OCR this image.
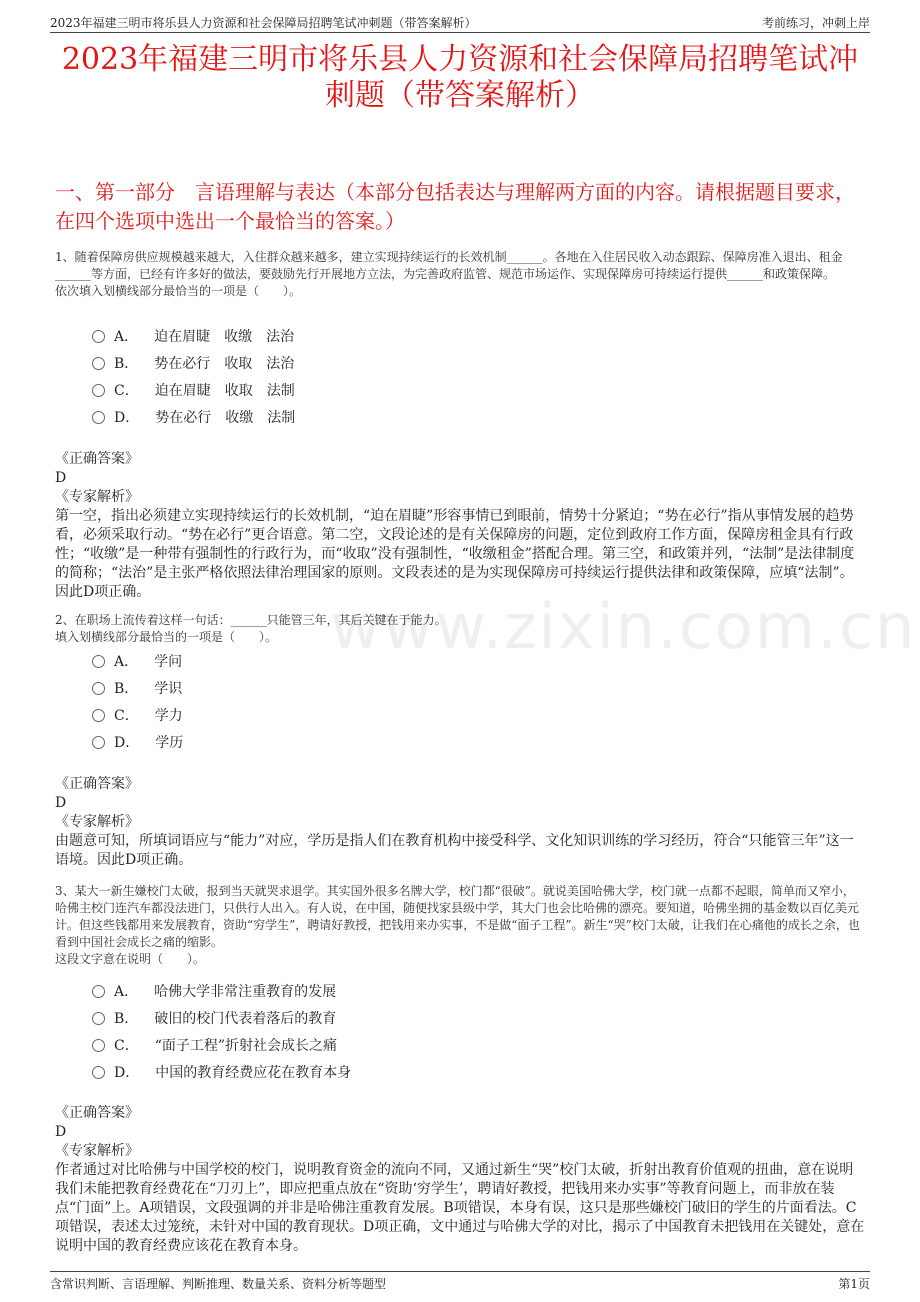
2023年福建三明市将乐县人力资源和社会保障局招聘笔试冲刺题（带答案解析）	考前练习，冲刺上岸
2023年福建三明市将乐县人力资源和社会保障局招聘笔试冲刺题（带答案解析）
一、第一部分　言语理解与表达（本部分包括表达与理解两方面的内容。请根据题目要求，在四个选项中选出一个最恰当的答案。）
www.zixin.com.cn

1、随着保障房供应规模越来越大，入住群众越来越多，建立实现持续运行的长效机制______。各地在入住居民收入动态跟踪、保障房准入退出、租金______等方面，已经有许多好的做法，要鼓励先行开展地方立法，为完善政府监管、规范市场运作、实现保障房可持续运行提供______和政策保障。
依次填入划横线部分最恰当的一项是（　　）。

A． 迫在眉睫　收缴　法治
B． 势在必行　收取　法治
C． 迫在眉睫　收取　法制
D． 势在必行　收缴　法制
《正确答案》
D
《专家解析》
第一空，指出必须建立实现持续运行的长效机制，“迫在眉睫”形容事情已到眼前，情势十分紧迫；“势在必行”指从事情发展的趋势看，必须采取行动。“势在必行”更合语意。第二空，文段论述的是有关保障房的问题，定位到政府工作方面，保障房租金具有行政性；“收缴”是一种带有强制性的行政行为，而“收取”没有强制性，“收缴租金”搭配合理。第三空，和政策并列，“法制”是法律制度的简称；“法治”是主张严格依照法律治理国家的原则。文段表述的是为实现保障房可持续运行提供法律和政策保障，应填“法制”。因此D项正确。

2、在职场上流传着这样一句话：______只能管三年，其后关键在于能力。
填入划横线部分最恰当的一项是（　　）。

A． 学问
B． 学识
C． 学力
D． 学历
《正确答案》
D
《专家解析》
由题意可知，所填词语应与“能力”对应，学历是指人们在教育机构中接受科学、文化知识训练的学习经历，符合“只能管三年”这一语境。因此D项正确。

3、某大一新生嫌校门太破，报到当天就哭求退学。其实国外很多名牌大学，校门都“很破”。就说美国哈佛大学，校门就一点都不起眼，简单而又窄小，哈佛主校门连汽车都没法进门，只供行人出入。有人说，在中国，随便找家县级中学，其大门也会比哈佛的漂亮。要知道，哈佛坐拥的基金数以百亿美元计。但这些钱都用来发展教育，资助“穷学生”，聘请好教授，把钱用来办实事，不是做“面子工程”。新生“哭”校门太破，让我们在心痛他的成长之余，也看到中国社会成长之痛的缩影。
这段文字意在说明（　　）。

A． 哈佛大学非常注重教育的发展
B． 破旧的校门代表着落后的教育
C． “面子工程”折射社会成长之痛
D． 中国的教育经费应花在教育本身
《正确答案》
D
《专家解析》
作者通过对比哈佛与中国学校的校门，说明教育资金的流向不同，又通过新生“哭”校门太破，折射出教育价值观的扭曲，意在说明我们未能把教育经费花在“刀刃上”，即应把重点放在“资助‘穷学生’，聘请好教授，把钱用来办实事”等教育问题上，而非放在装点“门面”上。A项错误，文段强调的并非是哈佛注重教育发展。B项错误，本身有误，这只是那些嫌校门破旧的学生的片面看法。C项错误，表述太过笼统，未针对中国的教育现状。D项正确，文中通过与哈佛大学的对比，揭示了中国教育未把钱用在关键处，意在说明中国的教育经费应该花在教育本身。
含常识判断、言语理解、判断推理、数量关系、资料分析等题型	第1页
